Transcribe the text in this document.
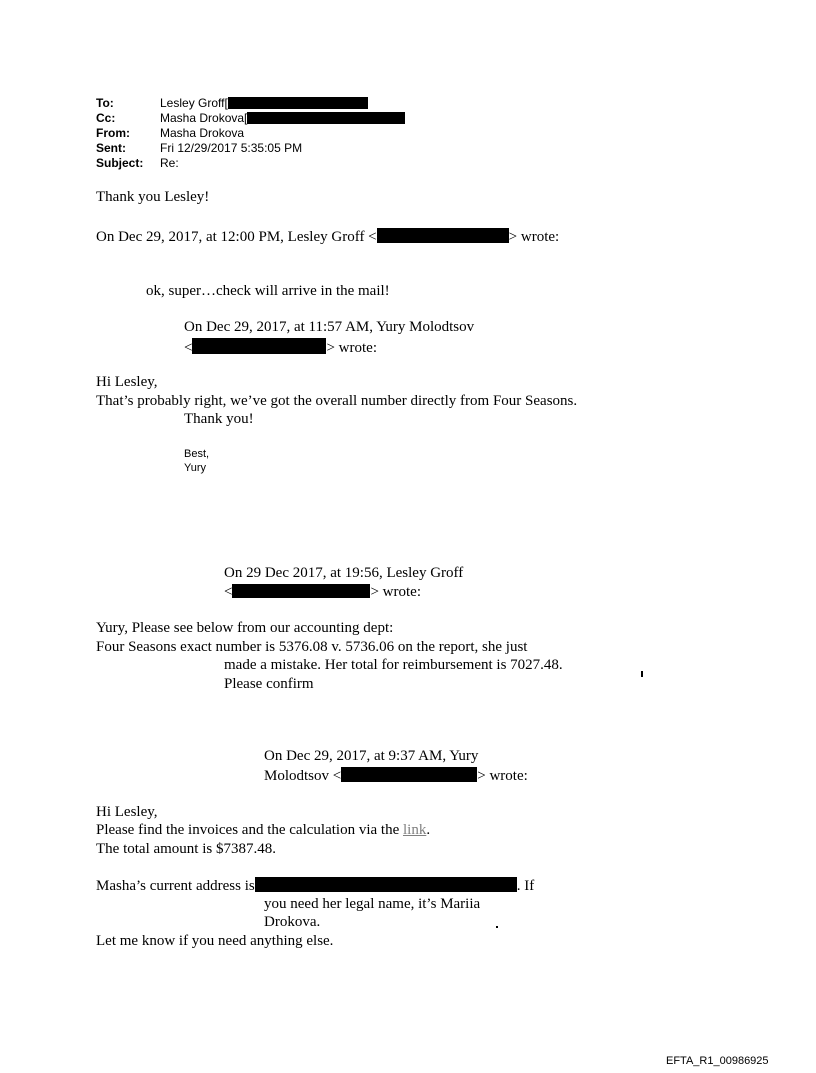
To:	Lesley Groff[
Cc:	Masha Drokova[
From:	Masha Drokova
Sent:	Fri 12/29/2017 5:35:05 PM
Subject: Re:
Thank you Lesley!
On Dec 29, 2017, at 12:00 PM, Lesley Groff <	> wrote:
ok, super…check will arrive in the mail!
On Dec 29, 2017, at 11:57 AM, Yury Molodtsov
<	> wrote:
Hi Lesley,
That’s probably right, we’ve got the overall number directly from Four Seasons.
Thank you!
Best,
Yury
On 29 Dec 2017, at 19:56, Lesley Groff
<	> wrote:
Yury, Please see below from our accounting dept:
Four Seasons exact number is 5376.08 v. 5736.06 on the report, she just
made a mistake. Her total for reimbursement is 7027.48.
Please confirm
On Dec 29, 2017, at 9:37 AM, Yury
Molodtsov <	> wrote:
Hi Lesley,
Please find the invoices and the calculation via the link.
The total amount is $7387.48.
Masha’s current address is	. If
you need her legal name, it’s Mariia
Drokova.
Let me know if you need anything else.
EFTA_R1_00986925
